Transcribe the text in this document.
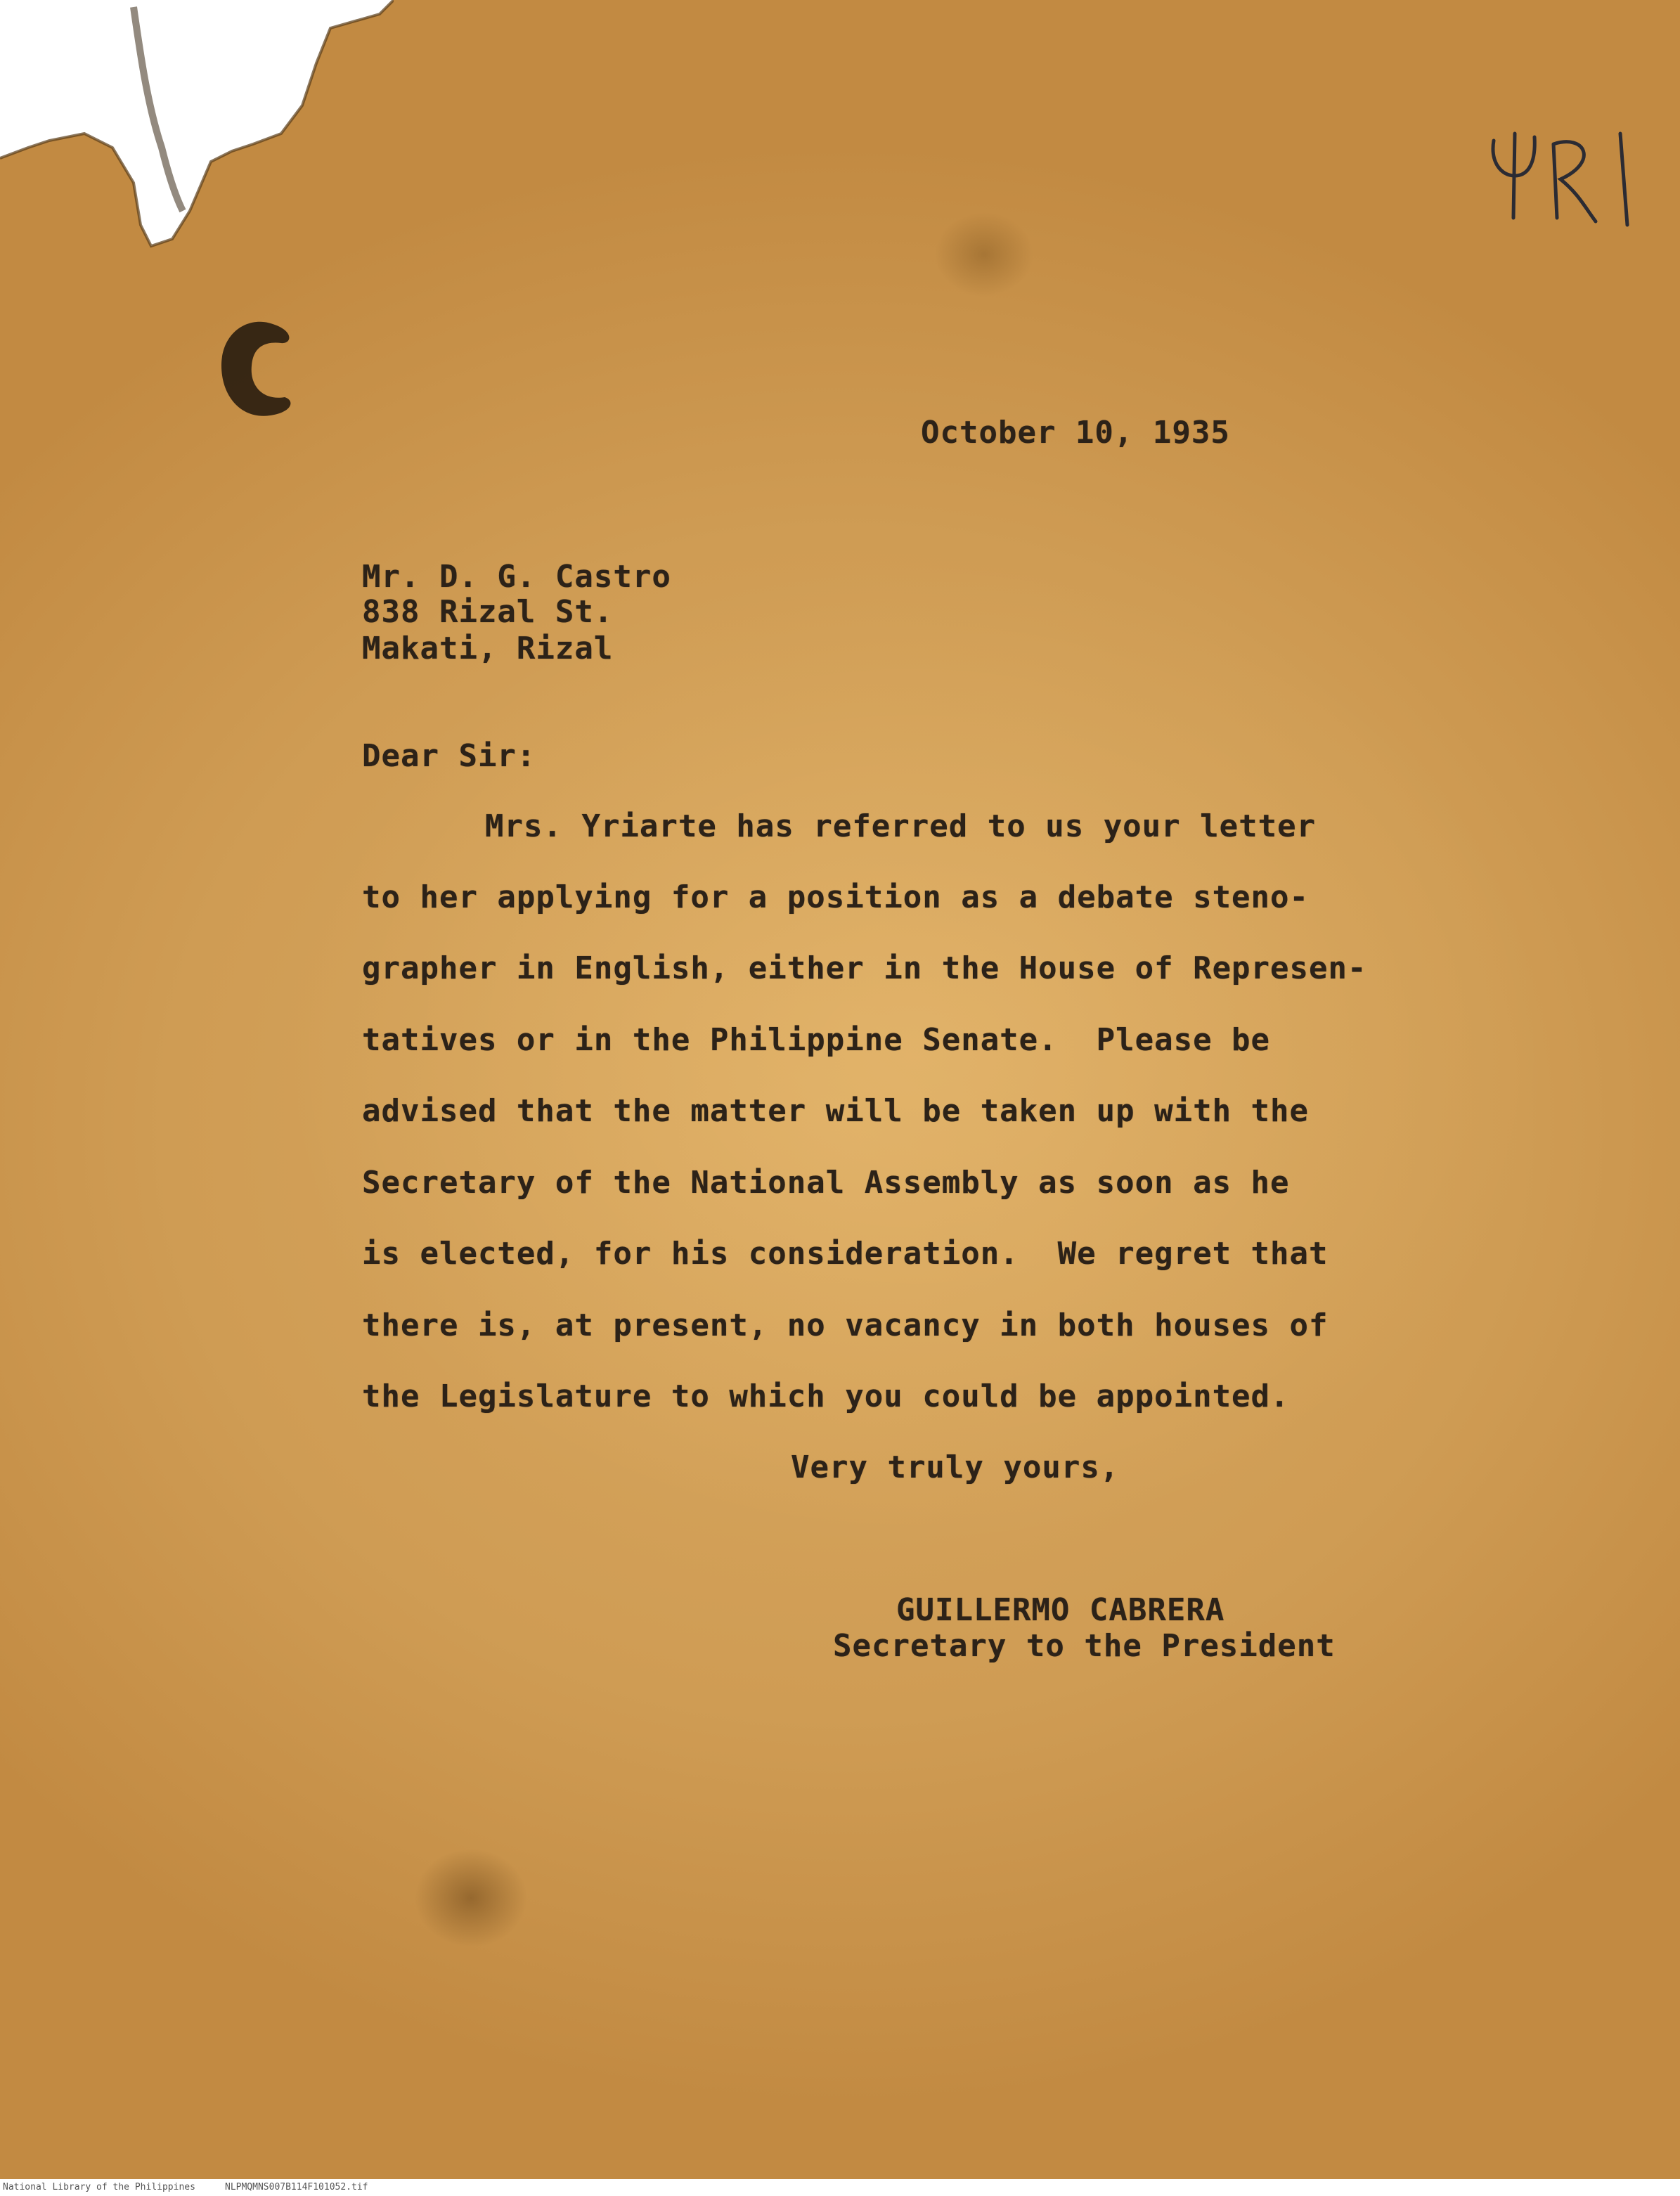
October 10, 1935
Mr. D. G. Castro
838 Rizal St.
Makati, Rizal
Dear Sir:
Mrs. Yriarte has referred to us your letter
to her applying for a position as a debate steno-
grapher in English, either in the House of Represen-
tatives or in the Philippine Senate.  Please be
advised that the matter will be taken up with the
Secretary of the National Assembly as soon as he
is elected, for his consideration.  We regret that
there is, at present, no vacancy in both houses of
the Legislature to which you could be appointed.
Very truly yours,
GUILLERMO CABRERA
Secretary to the President
National Library of the Philippines	NLPMQMNS007B114F101052.tif
